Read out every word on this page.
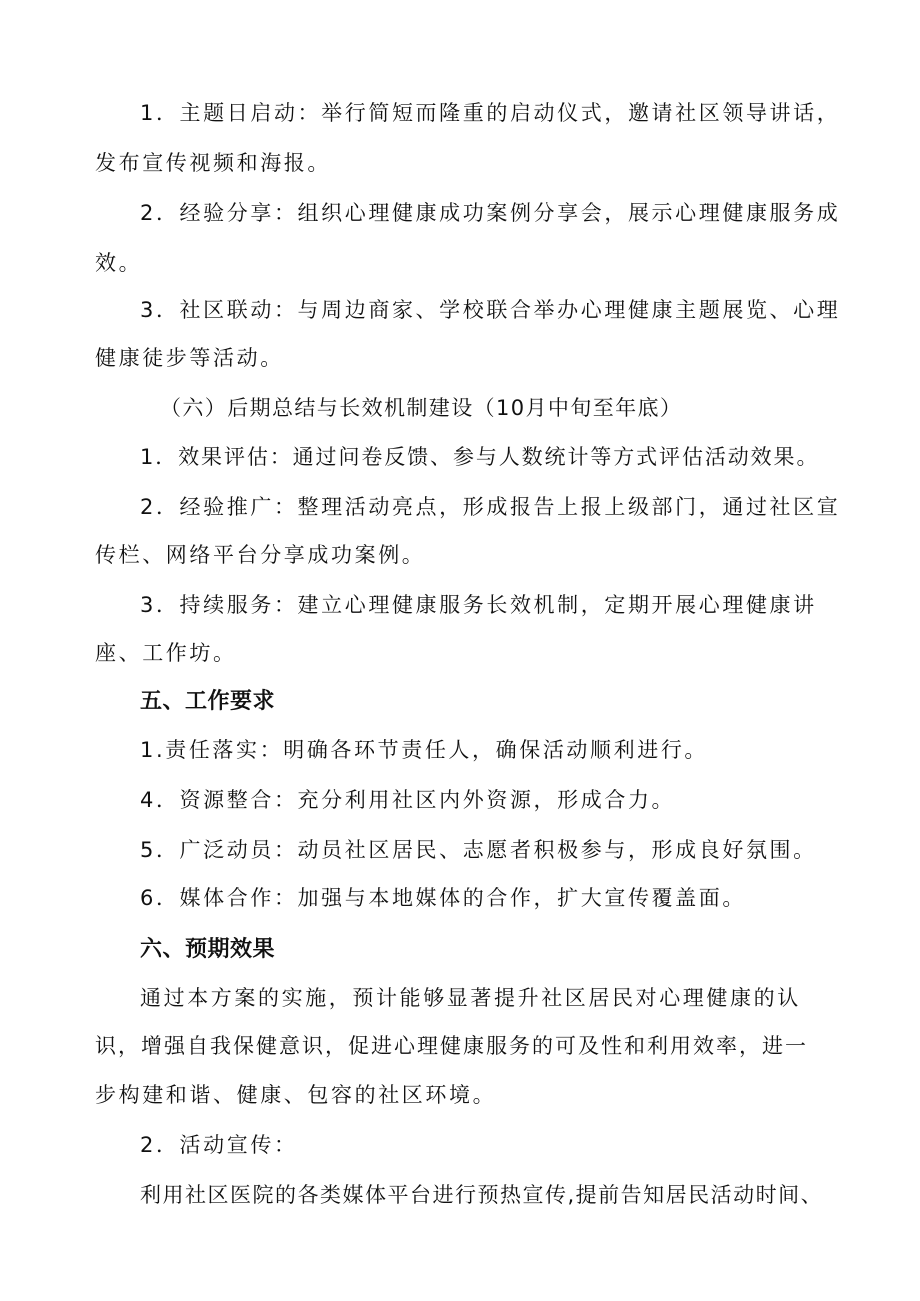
1．主题日启动：举行简短而隆重的启动仪式，邀请社区领导讲话，
发布宣传视频和海报。
2．经验分享：组织心理健康成功案例分享会，展示心理健康服务成
效。
3．社区联动：与周边商家、学校联合举办心理健康主题展览、心理
健康徒步等活动。
（六）后期总结与长效机制建设（10月中旬至年底）
1．效果评估：通过问卷反馈、参与人数统计等方式评估活动效果。
2．经验推广：整理活动亮点，形成报告上报上级部门，通过社区宣
传栏、网络平台分享成功案例。
3．持续服务：建立心理健康服务长效机制，定期开展心理健康讲
座、工作坊。
五、工作要求
1.责任落实：明确各环节责任人，确保活动顺利进行。
4．资源整合：充分利用社区内外资源，形成合力。
5．广泛动员：动员社区居民、志愿者积极参与，形成良好氛围。
6．媒体合作：加强与本地媒体的合作，扩大宣传覆盖面。
六、预期效果
通过本方案的实施，预计能够显著提升社区居民对心理健康的认
识，增强自我保健意识，促进心理健康服务的可及性和利用效率，进一
步构建和谐、健康、包容的社区环境。
2．活动宣传：
利用社区医院的各类媒体平台进行预热宣传,提前告知居民活动时间、
